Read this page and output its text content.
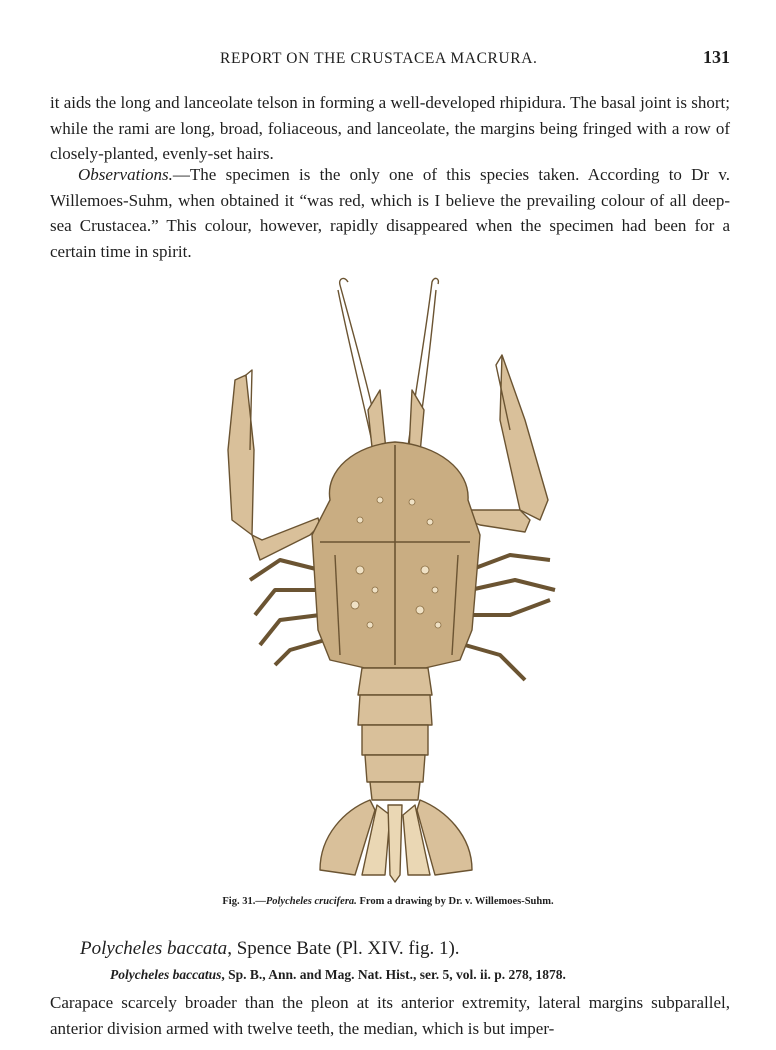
REPORT ON THE CRUSTACEA MACRURA.	131

it aids the long and lanceolate telson in forming a well-developed rhipidura. The basal joint is short; while the rami are long, broad, foliaceous, and lanceolate, the margins being fringed with a row of closely-planted, evenly-set hairs.

Observations.—The specimen is the only one of this species taken. According to Dr v. Willemoes-Suhm, when obtained it “was red, which is I believe the prevailing colour of all deep-sea Crustacea.” This colour, however, rapidly disappeared when the specimen had been for a certain time in spirit.

Fig. 31.—Polycheles crucifera. From a drawing by Dr. v. Willemoes-Suhm.
Polycheles baccata, Spence Bate (Pl. XIV. fig. 1).
Polycheles baccatus, Sp. B., Ann. and Mag. Nat. Hist., ser. 5, vol. ii. p. 278, 1878.

Carapace scarcely broader than the pleon at its anterior extremity, lateral margins subparallel, anterior division armed with twelve teeth, the median, which is but imper-
